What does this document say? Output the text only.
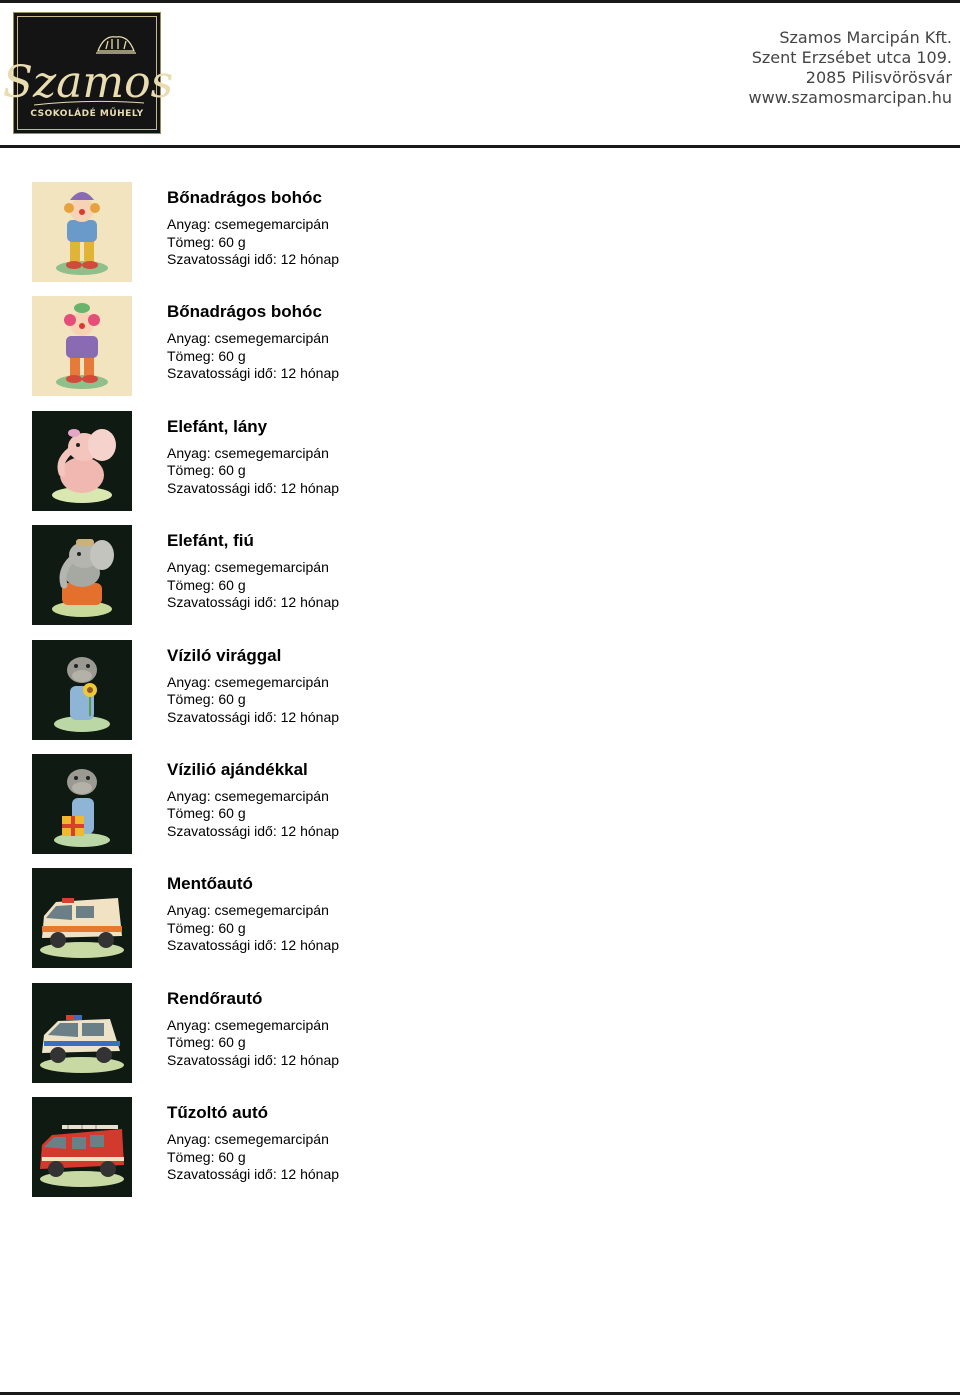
Szamos
CSOKOLÁDÉ MŰHELY
Szamos Marcipán Kft.
Szent Erzsébet utca 109.
2085 Pilisvörösvár
www.szamosmarcipan.hu
Bőnadrágos bohóc
Anyag: csemegemarcipán
Tömeg: 60 g
Szavatossági idő: 12 hónap
Bőnadrágos bohóc
Anyag: csemegemarcipán
Tömeg: 60 g
Szavatossági idő: 12 hónap
Elefánt, lány
Anyag: csemegemarcipán
Tömeg: 60 g
Szavatossági idő: 12 hónap
Elefánt, fiú
Anyag: csemegemarcipán
Tömeg: 60 g
Szavatossági idő: 12 hónap
Víziló virággal
Anyag: csemegemarcipán
Tömeg: 60 g
Szavatossági idő: 12 hónap
Vízilió ajándékkal
Anyag: csemegemarcipán
Tömeg: 60 g
Szavatossági idő: 12 hónap
Mentőautó
Anyag: csemegemarcipán
Tömeg: 60 g
Szavatossági idő: 12 hónap
Rendőrautó
Anyag: csemegemarcipán
Tömeg: 60 g
Szavatossági idő: 12 hónap
Tűzoltó autó
Anyag: csemegemarcipán
Tömeg: 60 g
Szavatossági idő: 12 hónap
